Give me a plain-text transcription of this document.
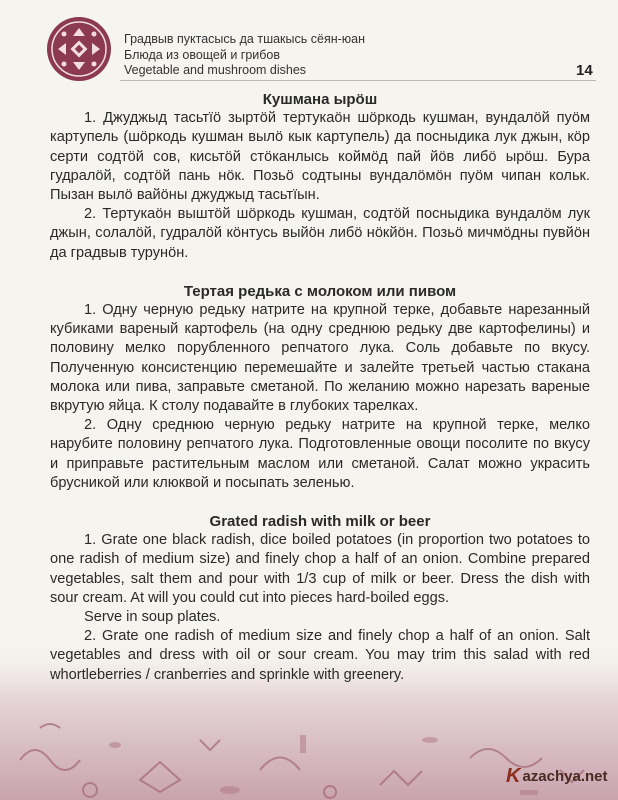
Градвыв пуктасысь да тшакысь сёян-юан
Блюда из овощей и грибов
Vegetable and mushroom dishes	14

Кушмана ырӧш

1. Джуджыд тасьтїӧ зыртӧй тертукаӧн шӧркодь кушман, вундалӧй пуӧм картупель (шӧркодь кушман вылӧ кык картупель) да посныдика лук джын, кӧр серти содтӧй сов, кисьтӧй стӧканлысь коймӧд пай йӧв либӧ ырӧш. Бура гудралӧй, содтӧй пань нӧк. Позьӧ содтыны вундалӧмӧн пуӧм чипан кольк. Пызан вылӧ вайӧны джуджыд тасьтїын.

2. Тертукаӧн выштӧй шӧркодь кушман, содтӧй посныдика вундалӧм лук джын, солалӧй, гудралӧй кӧнтусь выйӧн либӧ нӧкйӧн. Позьӧ мичмӧдны пувйӧн да градвыв турунӧн.

Тертая редька с молоком или пивом

1. Одну черную редьку натрите на крупной терке, добавьте нарезанный кубиками вареный картофель (на одну среднюю редьку две картофелины) и половину мелко порубленного репчатого лука. Соль добавьте по вкусу. Полученную консистенцию перемешайте и залейте третьей частью стакана молока или пива, заправьте сметаной. По желанию можно нарезать вареные вкрутую яйца. К столу подавайте в глубоких тарелках.

2. Одну среднюю черную редьку натрите на крупной терке, мелко нарубите половину репчатого лука. Подготовленные овощи посолите по вкусу и приправьте растительным маслом или сметаной. Салат можно украсить брусникой или клюквой и посыпать зеленью.

Grated radish with milk or beer

1. Grate one black radish, dice boiled potatoes (in proportion two potatoes to one radish of medium size) and finely chop a half of an onion. Combine prepared vegetables, salt them and pour with 1/3 cup of milk or beer. Dress the dish with sour cream. At will you could cut into pieces hard-boiled eggs.

Serve in soup plates.

2. Grate one radish of medium size and finely chop a half of an onion. Salt vegetables and dress with oil or sour cream. You may trim this salad with red whortleberries / cranberries and sprinkle with greenery.

K azachya.net
